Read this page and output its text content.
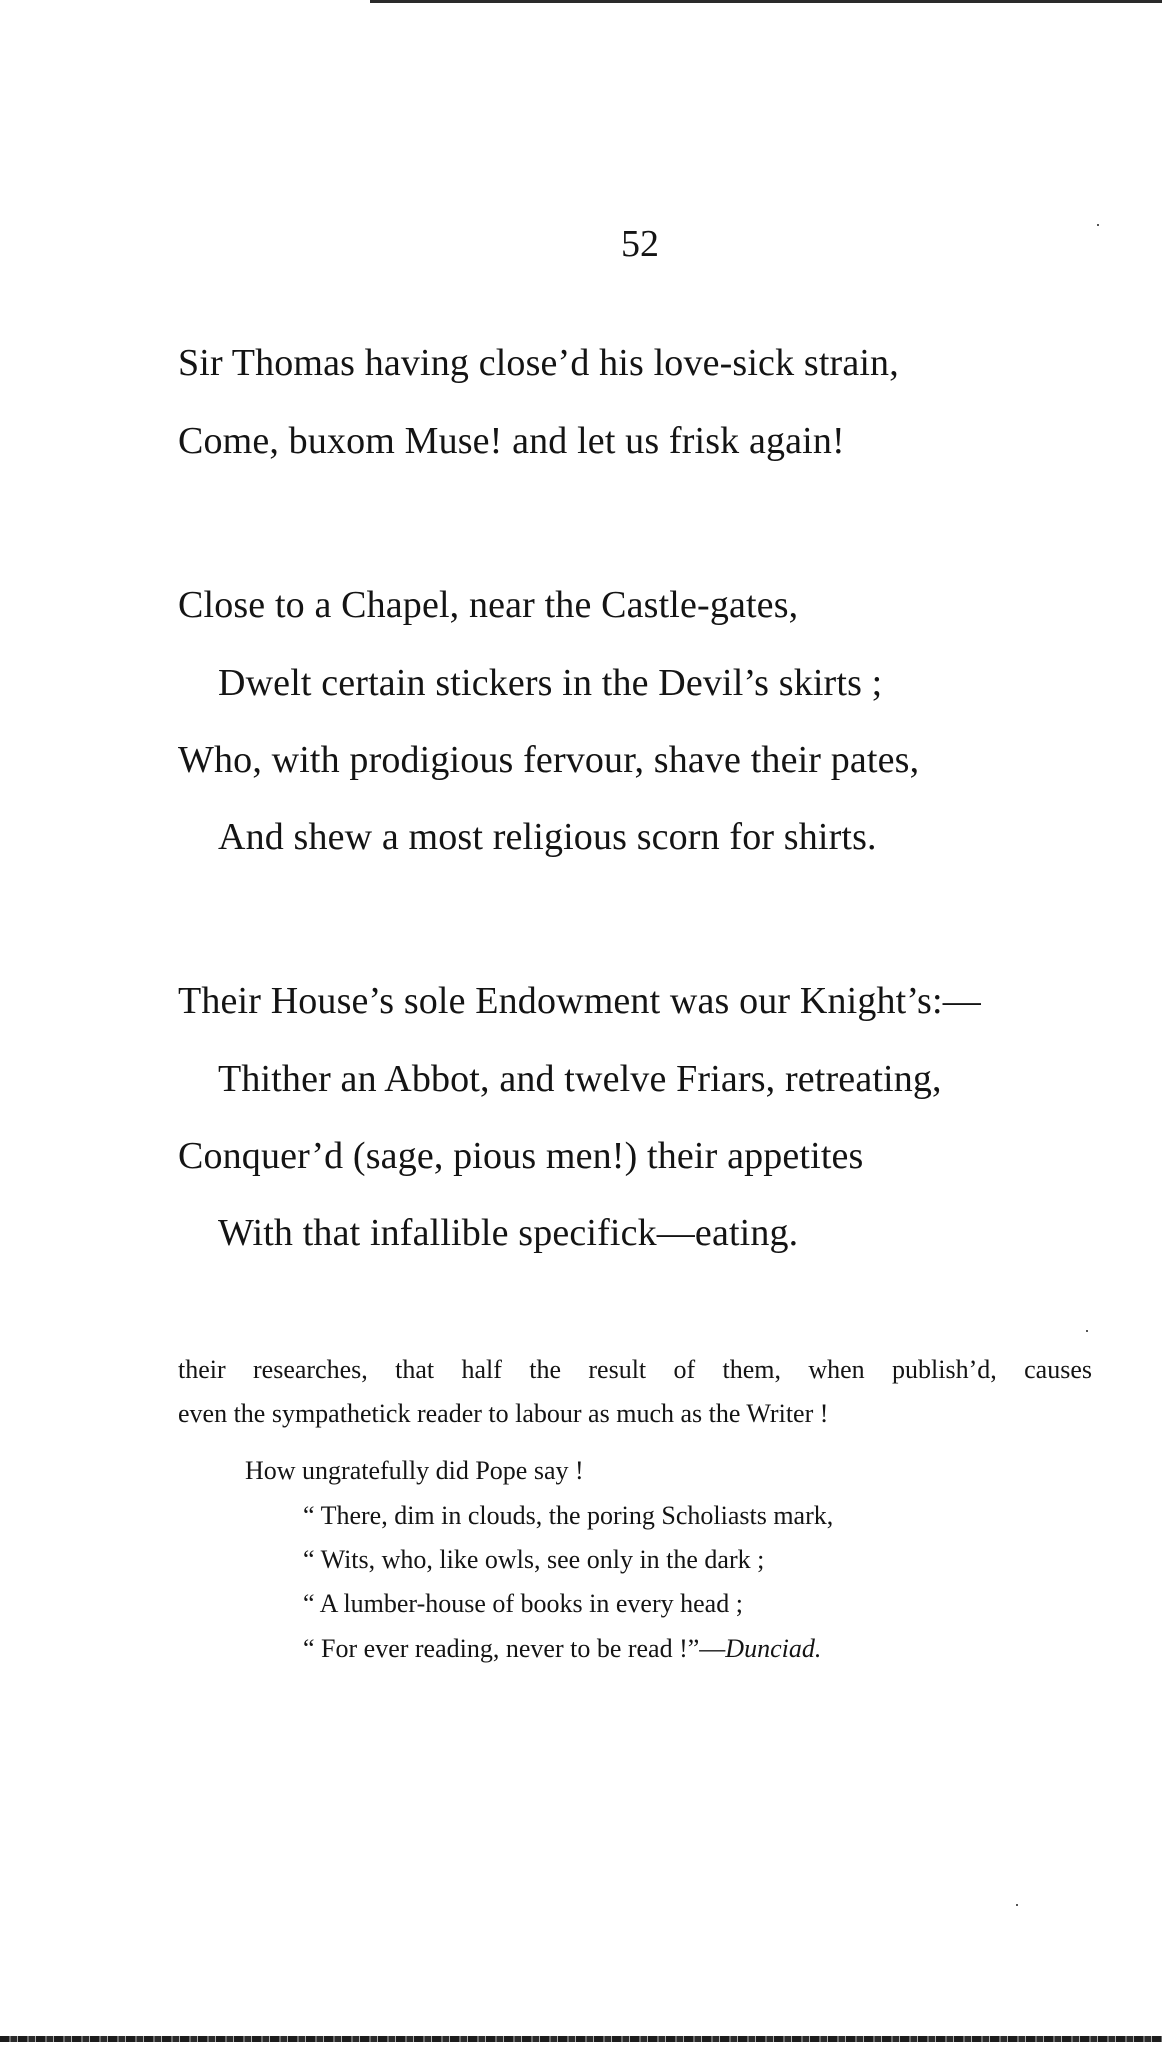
52
Sir Thomas having close’d his love-sick strain,
Come, buxom Muse! and let us frisk again!
Close to a Chapel, near the Castle-gates,
Dwelt certain stickers in the Devil’s skirts ;
Who, with prodigious fervour, shave their pates,
And shew a most religious scorn for shirts.
Their House’s sole Endowment was our Knight’s:—
Thither an Abbot, and twelve Friars, retreating,
Conquer’d (sage, pious men!) their appetites
With that infallible specifick—eating.
their researches, that half the result of them, when publish’d, causes
even the sympathetick reader to labour as much as the Writer !
How ungratefully did Pope say !
“ There, dim in clouds, the poring Scholiasts mark,
“ Wits, who, like owls, see only in the dark ;
“ A lumber-house of books in every head ;
“ For ever reading, never to be read !”—Dunciad.
